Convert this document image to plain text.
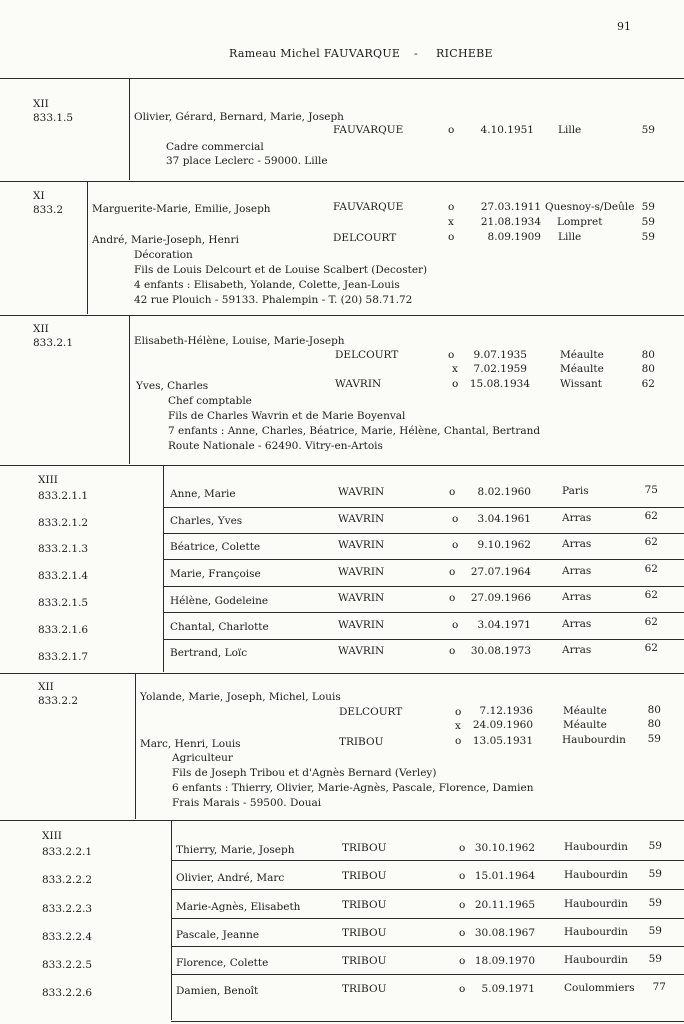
91
Rameau Michel FAUVARQUE - RICHEBE
XII
833.1.5	Olivier, Gérard, Bernard, Marie, Joseph
FAUVARQUE	o 4.10.1951 Lille	59
Cadre commercial
37 place Leclerc - 59000. Lille
XI
833.2	Marguerite-Marie, Emilie, Joseph	FAUVARQUE	o	27.03.1911 Quesnoy-s/Deûle 59
x	21.08.1934 Lompret	59
André, Marie-Joseph, Henri	DELCOURT	o	8.09.1909 Lille	59
Décoration
Fils de Louis Delcourt et de Louise Scalbert (Decoster)
4 enfants : Elisabeth, Yolande, Colette, Jean-Louis
42 rue Plouich - 59133. Phalempin - T. (20) 58.71.72
XII
833.2.1	Elisabeth-Hélène, Louise, Marie-Joseph
DELCOURT	o 9.07.1935	Méaulte	80
x 7.02.1959	Méaulte	80
Yves, Charles	WAVRIN	o 15.08.1934	Wissant	62
Chef comptable
Fils de Charles Wavrin et de Marie Boyenval
7 enfants : Anne, Charles, Béatrice, Marie, Hélène, Chantal, Bertrand
Route Nationale - 62490. Vitry-en-Artois
XIII
833.2.1.1	Anne, Marie	WAVRIN	o 8.02.1960	Paris	75
833.2.1.2	Charles, Yves	WAVRIN	o 3.04.1961	Arras	62
833.2.1.3	Béatrice, Colette	WAVRIN	o 9.10.1962	Arras	62
833.2.1.4	Marie, Françoise	WAVRIN	o 27.07.1964	Arras	62
833.2.1.5	Hélène, Godeleine	WAVRIN	o 27.09.1966	Arras	62
833.2.1.6	Chantal, Charlotte	WAVRIN	o 3.04.1971	Arras	62
833.2.1.7	Bertrand, Loïc	WAVRIN	o 30.08.1973	Arras	62
XII
833.2.2	Yolande, Marie, Joseph, Michel, Louis
DELCOURT	o 7.12.1936	Méaulte	80
x 24.09.1960	Méaulte	80
Marc, Henri, Louis	TRIBOU	o 13.05.1931	Haubourdin 59
Agriculteur
Fils de Joseph Tribou et d'Agnès Bernard (Verley)
6 enfants : Thierry, Olivier, Marie-Agnès, Pascale, Florence, Damien
Frais Marais - 59500. Douai
XIII
833.2.2.1	Thierry, Marie, Joseph	TRIBOU	o 30.10.1962	Haubourdin 59
833.2.2.2	Olivier, André, Marc	TRIBOU	o 15.01.1964	Haubourdin 59
833.2.2.3	Marie-Agnès, Elisabeth	TRIBOU	o 20.11.1965	Haubourdin 59
833.2.2.4	Pascale, Jeanne	TRIBOU	o 30.08.1967	Haubourdin 59
833.2.2.5	Florence, Colette	TRIBOU	o 18.09.1970	Haubourdin 59
833.2.2.6	Damien, Benoît	TRIBOU	o 5.09.1971	Coulommiers 77
